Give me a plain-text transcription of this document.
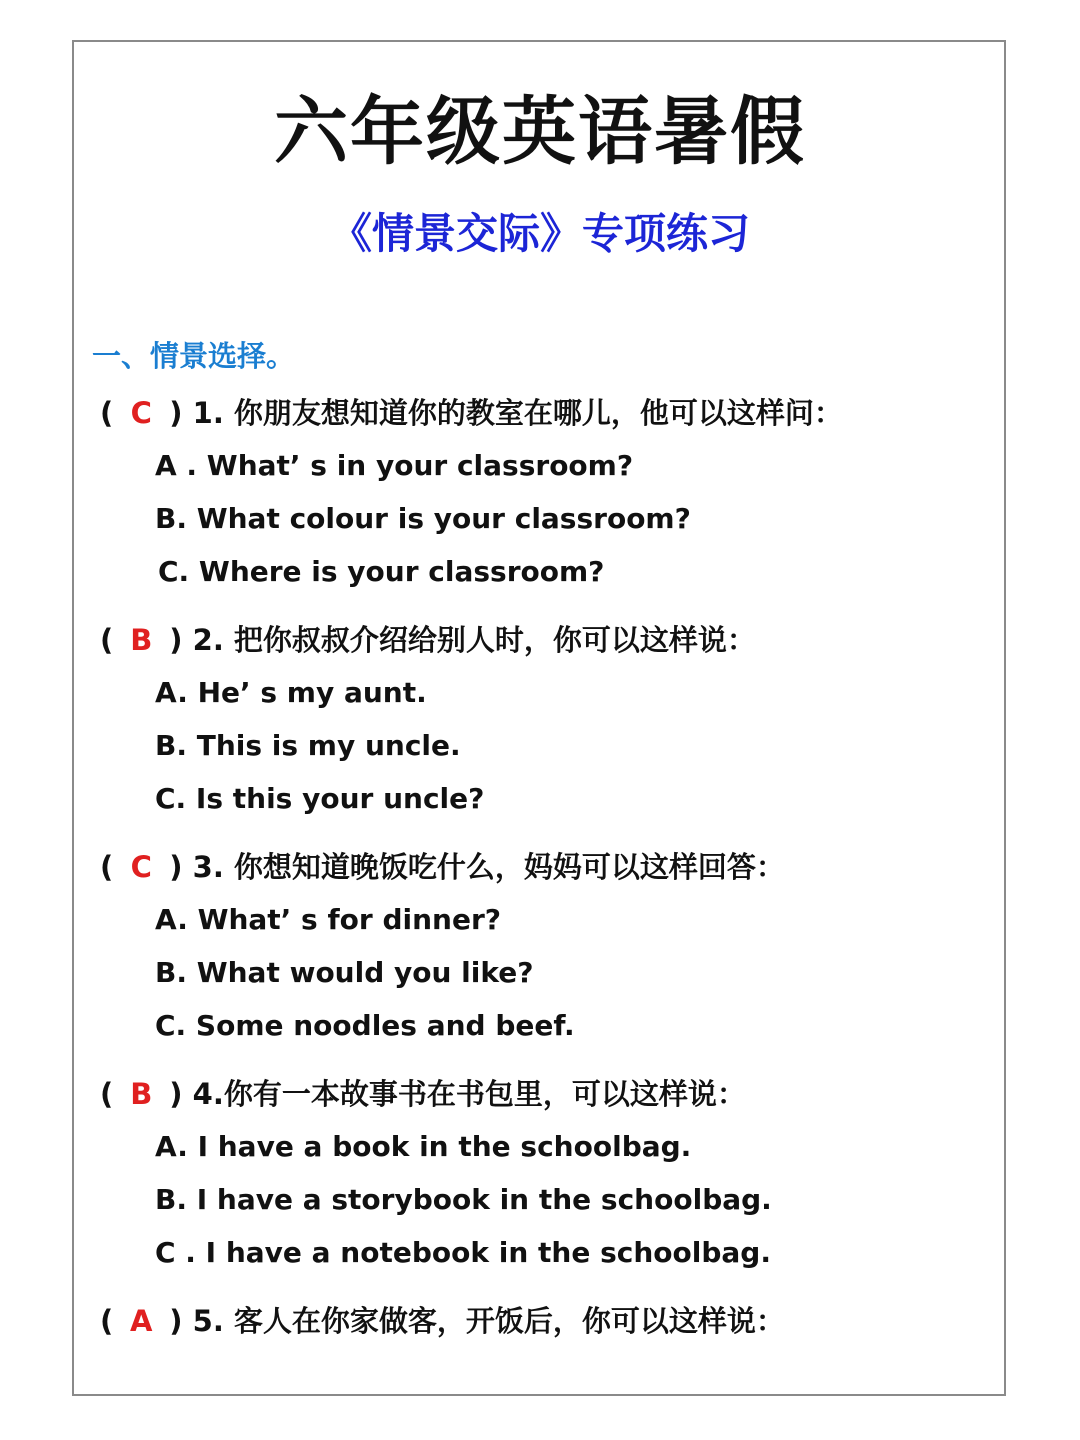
六年级英语暑假
《情景交际》专项练习
一、情景选择。
( C ) 1. 你朋友想知道你的教室在哪儿，他可以这样问：
A . What’ s in your classroom?
B. What colour is your classroom?
C. Where is your classroom?
( B ) 2. 把你叔叔介绍给别人时，你可以这样说：
A. He’ s my aunt.
B. This is my uncle.
C. Is this your uncle?
( C ) 3. 你想知道晚饭吃什么，妈妈可以这样回答：
A. What’ s for dinner?
B. What would you like?
C. Some noodles and beef.
( B ) 4.你有一本故事书在书包里，可以这样说：
A. I have a book in the schoolbag.
B. I have a storybook in the schoolbag.
C . I have a notebook in the schoolbag.
( A ) 5. 客人在你家做客，开饭后，你可以这样说：
